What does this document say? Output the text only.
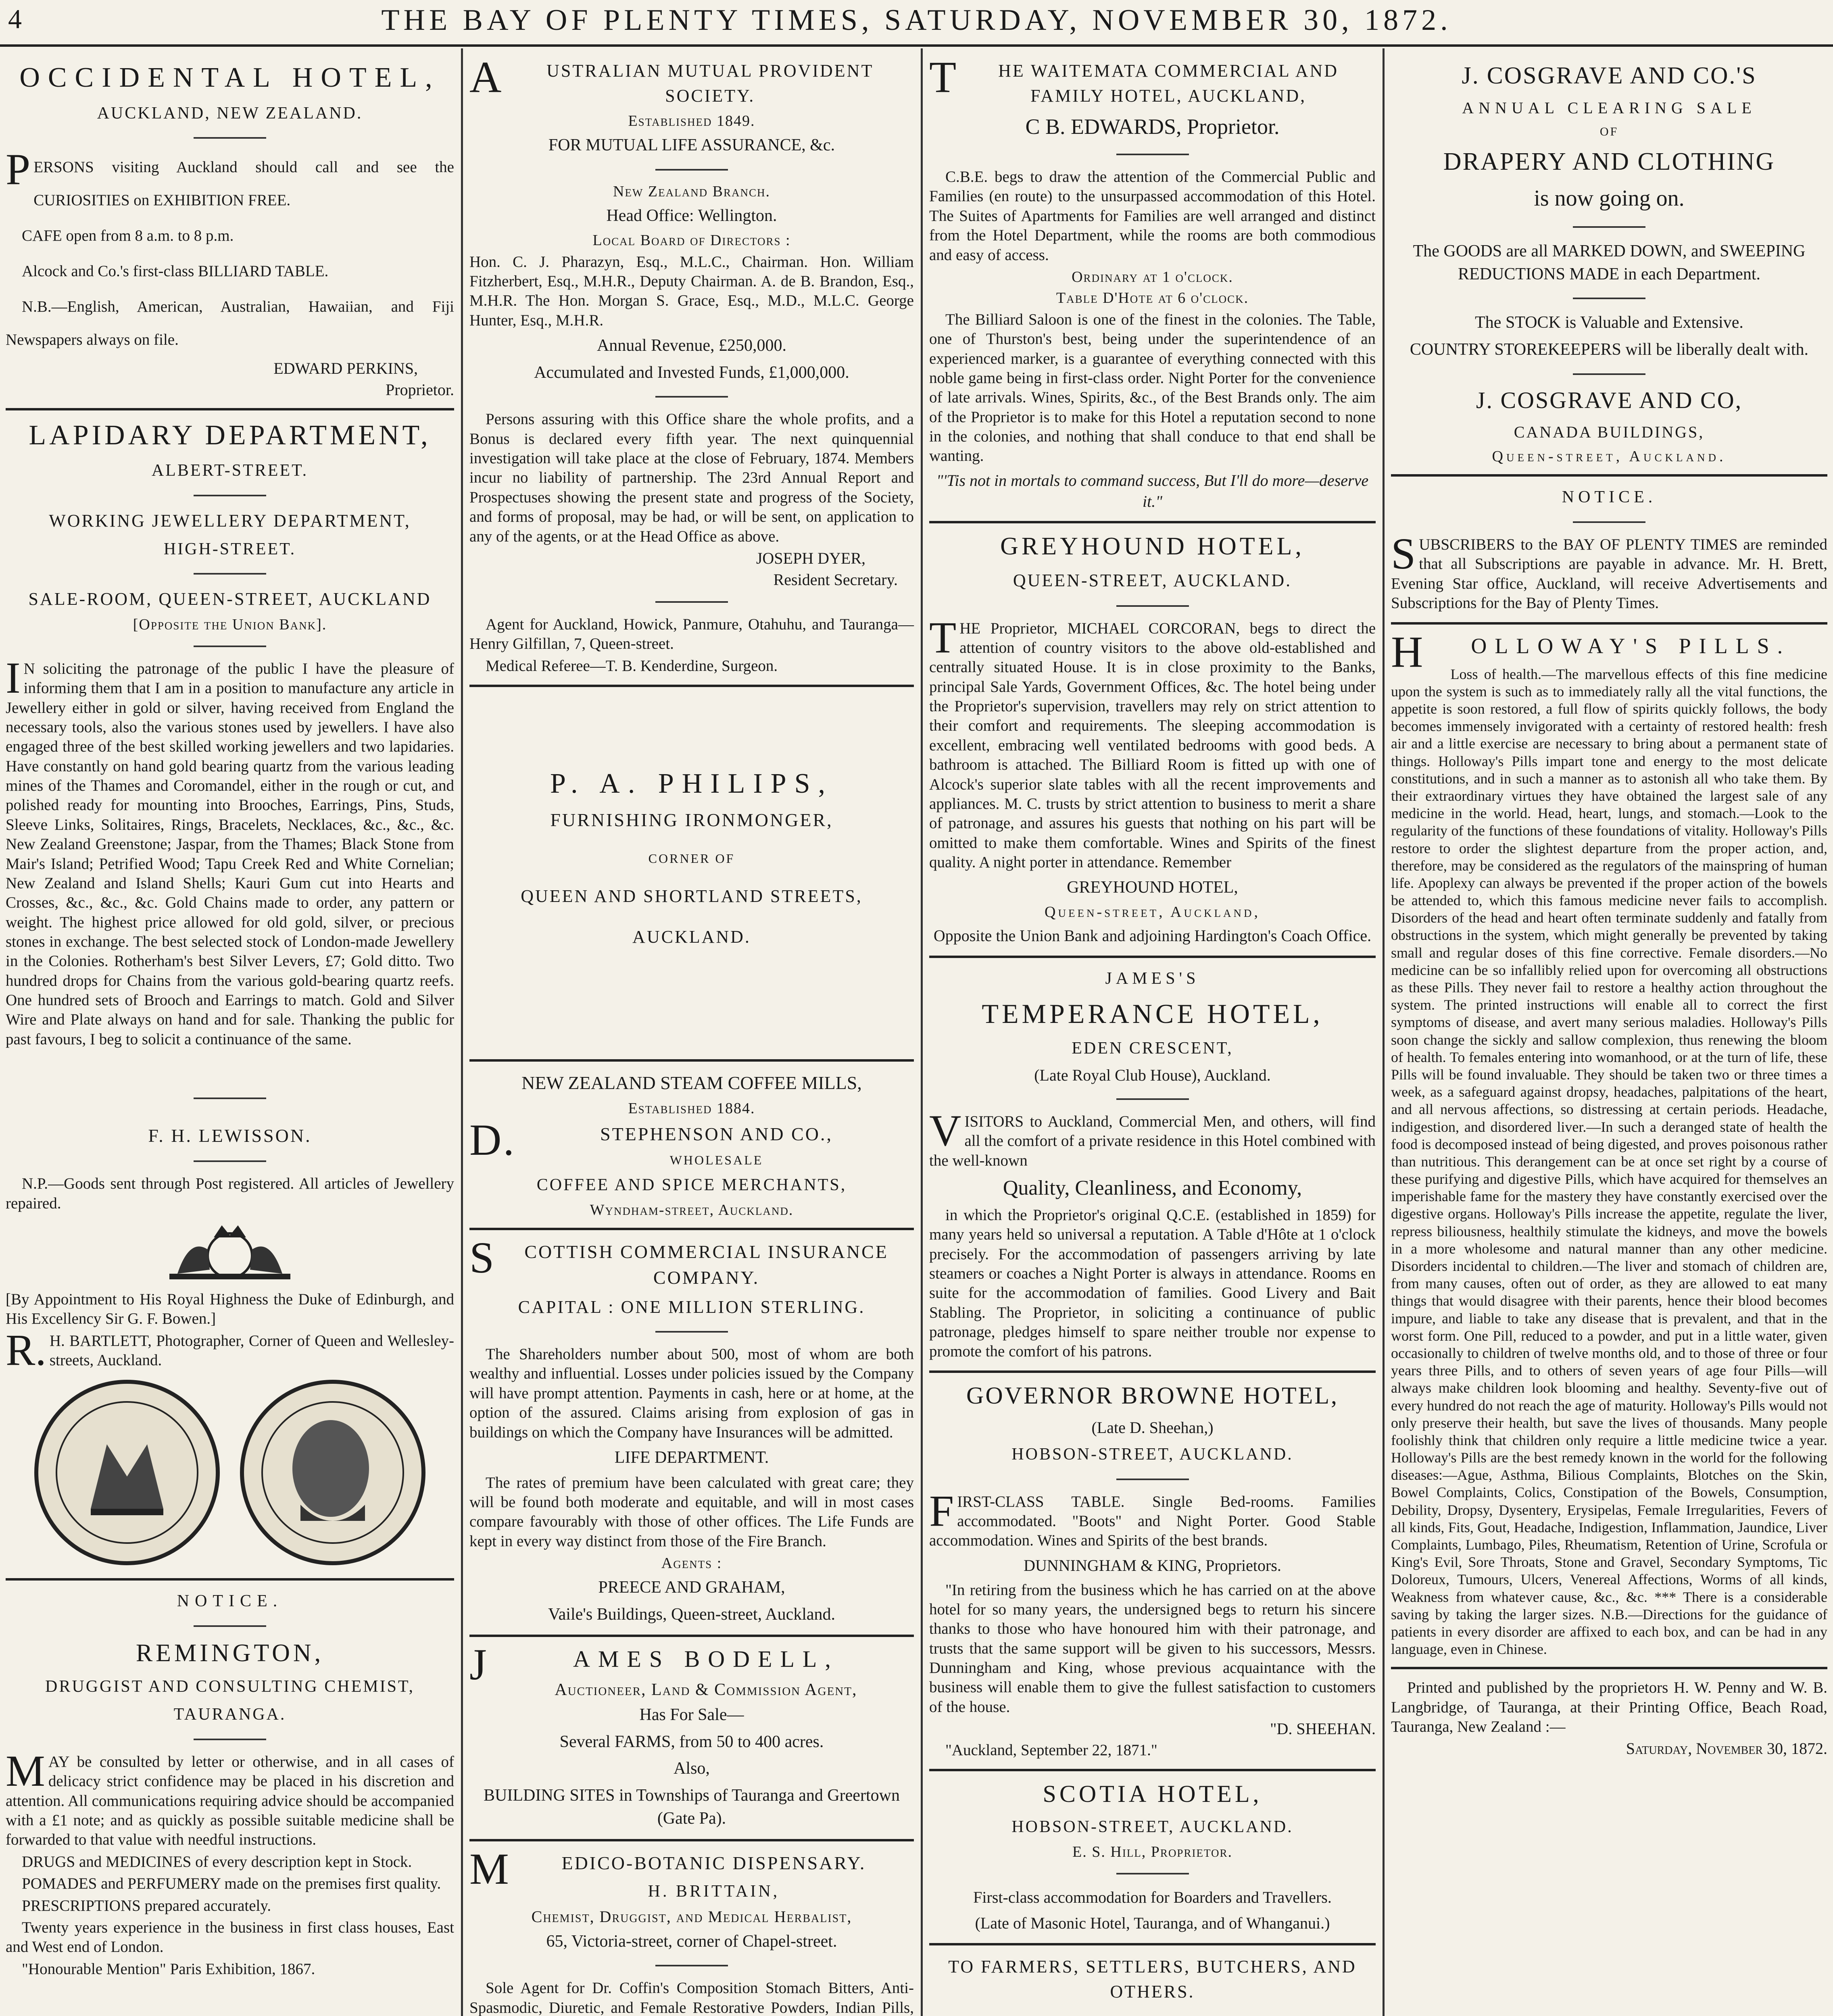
4	THE BAY OF PLENTY TIMES, SATURDAY, NOVEMBER 30, 1872.
OCCIDENTAL HOTEL,
AUCKLAND, NEW ZEALAND.

PERSONS visiting Auckland should call and see the CURIOSITIES on EXHIBITION FREE.

CAFE open from 8 a.m. to 8 p.m.

Alcock and Co.'s first-class BILLIARD TABLE.

N.B.—English, American, Australian, Hawaiian, and Fiji Newspapers always on file.

EDWARD PERKINS,
Proprietor.
LAPIDARY DEPARTMENT,
ALBERT-STREET.
WORKING JEWELLERY DEPARTMENT,
HIGH-STREET.
SALE-ROOM, QUEEN-STREET, AUCKLAND
[Opposite the Union Bank].

IN soliciting the patronage of the public I have the pleasure of informing them that I am in a position to manufacture any article in Jewellery either in gold or silver, having received from England the necessary tools, also the various stones used by jewellers. I have also engaged three of the best skilled working jewellers and two lapidaries. Have constantly on hand gold bearing quartz from the various leading mines of the Thames and Coromandel, either in the rough or cut, and polished ready for mounting into Brooches, Earrings, Pins, Studs, Sleeve Links, Solitaires, Rings, Bracelets, Necklaces, &c., &c., &c. New Zealand Greenstone; Jaspar, from the Thames; Black Stone from Mair's Island; Petrified Wood; Tapu Creek Red and White Cornelian; New Zealand and Island Shells; Kauri Gum cut into Hearts and Crosses, &c., &c., &c. Gold Chains made to order, any pattern or weight. The highest price allowed for old gold, silver, or precious stones in exchange. The best selected stock of London-made Jewellery in the Colonies. Rotherham's best Silver Levers, £7; Gold ditto. Two hundred drops for Chains from the various gold-bearing quartz reefs. One hundred sets of Brooch and Earrings to match. Gold and Silver Wire and Plate always on hand and for sale. Thanking the public for past favours, I beg to solicit a continuance of the same.

F. H. LEWISSON.

N.P.—Goods sent through Post registered. All articles of Jewellery repaired.

[By Appointment to His Royal Highness the Duke of Edinburgh, and His Excellency Sir G. F. Bowen.]

R.H. BARTLETT, Photographer, Corner of Queen and Wellesley-streets, Auckland.

NOTICE.
REMINGTON,
DRUGGIST AND CONSULTING CHEMIST,
TAURANGA.

MAY be consulted by letter or otherwise, and in all cases of delicacy strict confidence may be placed in his discretion and attention. All communications requiring advice should be accompanied with a £1 note; and as quickly as possible suitable medicine shall be forwarded to that value with needful instructions.

DRUGS and MEDICINES of every description kept in Stock.

POMADES and PERFUMERY made on the premises first quality.

PRESCRIPTIONS prepared accurately.

Twenty years experience in the business in first class houses, East and West end of London.

"Honourable Mention" Paris Exhibition, 1867.

AUSTRALIAN MUTUAL PROVIDENT SOCIETY.
Established 1849.
FOR MUTUAL LIFE ASSURANCE, &c.
New Zealand Branch.
Head Office: Wellington.
Local Board of Directors :

Hon. C. J. Pharazyn, Esq., M.L.C., Chairman. Hon. William Fitzherbert, Esq., M.H.R., Deputy Chairman. A. de B. Brandon, Esq., M.H.R. The Hon. Morgan S. Grace, Esq., M.D., M.L.C. George Hunter, Esq., M.H.R.

Annual Revenue, £250,000.
Accumulated and Invested Funds, £1,000,000.

Persons assuring with this Office share the whole profits, and a Bonus is declared every fifth year. The next quinquennial investigation will take place at the close of February, 1874. Members incur no liability of partnership. The 23rd Annual Report and Prospectuses showing the present state and progress of the Society, and forms of proposal, may be had, or will be sent, on application to any of the agents, or at the Head Office as above.

JOSEPH DYER,
Resident Secretary.

Agent for Auckland, Howick, Panmure, Otahuhu, and Tauranga—Henry Gilfillan, 7, Queen-street.

Medical Referee—T. B. Kenderdine, Surgeon.

P. A. PHILIPS,
FURNISHING IRONMONGER,
CORNER OF
QUEEN AND SHORTLAND STREETS,
AUCKLAND.
NEW ZEALAND STEAM COFFEE MILLS,
Established 1884.
D.STEPHENSON AND CO.,
WHOLESALE
COFFEE AND SPICE MERCHANTS,
Wyndham-street, Auckland.
SCOTTISH COMMERCIAL INSURANCE COMPANY.
CAPITAL : ONE MILLION STERLING.

The Shareholders number about 500, most of whom are both wealthy and influential. Losses under policies issued by the Company will have prompt attention. Payments in cash, here or at home, at the option of the assured. Claims arising from explosion of gas in buildings on which the Company have Insurances will be admitted.

LIFE DEPARTMENT.

The rates of premium have been calculated with great care; they will be found both moderate and equitable, and will in most cases compare favourably with those of other offices. The Life Funds are kept in every way distinct from those of the Fire Branch.

Agents :
PREECE AND GRAHAM,
Vaile's Buildings, Queen-street, Auckland.
JAMES BODELL,
Auctioneer, Land & Commission Agent,
Has For Sale—
Several FARMS, from 50 to 400 acres.
Also,
BUILDING SITES in Townships of Tauranga and Greertown (Gate Pa).
MEDICO-BOTANIC DISPENSARY.
H. BRITTAIN,
Chemist, Druggist, and Medical Herbalist,
65, Victoria-street, corner of Chapel-street.

Sole Agent for Dr. Coffin's Composition Stomach Bitters, Anti-Spasmodic, Diuretic, and Female Restorative Powders, Indian Pills,

THE WAITEMATA COMMERCIAL AND FAMILY HOTEL, AUCKLAND,
C B. EDWARDS, Proprietor.

C.B.E. begs to draw the attention of the Commercial Public and Families (en route) to the unsurpassed accommodation of this Hotel. The Suites of Apartments for Families are well arranged and distinct from the Hotel Department, while the rooms are both commodious and easy of access.

Ordinary at 1 o'clock.
Table D'Hote at 6 o'clock.

The Billiard Saloon is one of the finest in the colonies. The Table, one of Thurston's best, being under the superintendence of an experienced marker, is a guarantee of everything connected with this noble game being in first-class order. Night Porter for the convenience of late arrivals. Wines, Spirits, &c., of the Best Brands only. The aim of the Proprietor is to make for this Hotel a reputation second to none in the colonies, and nothing that shall conduce to that end shall be wanting.

"'Tis not in mortals to command success, But I'll do more—deserve it."
GREYHOUND HOTEL,
QUEEN-STREET, AUCKLAND.

THE Proprietor, MICHAEL CORCORAN, begs to direct the attention of country visitors to the above old-established and centrally situated House. It is in close proximity to the Banks, principal Sale Yards, Government Offices, &c. The hotel being under the Proprietor's supervision, travellers may rely on strict attention to their comfort and requirements. The sleeping accommodation is excellent, embracing well ventilated bedrooms with good beds. A bathroom is attached. The Billiard Room is fitted up with one of Alcock's superior slate tables with all the recent improvements and appliances. M. C. trusts by strict attention to business to merit a share of patronage, and assures his guests that nothing on his part will be omitted to make them comfortable. Wines and Spirits of the finest quality. A night porter in attendance. Remember

GREYHOUND HOTEL,
Queen-street, Auckland,
Opposite the Union Bank and adjoining Hardington's Coach Office.
JAMES'S
TEMPERANCE HOTEL,
EDEN CRESCENT,
(Late Royal Club House), Auckland.

VISITORS to Auckland, Commercial Men, and others, will find all the comfort of a private residence in this Hotel combined with the well-known

Quality, Cleanliness, and Economy,

in which the Proprietor's original Q.C.E. (established in 1859) for many years held so universal a reputation. A Table d'Hôte at 1 o'clock precisely. For the accommodation of passengers arriving by late steamers or coaches a Night Porter is always in attendance. Rooms en suite for the accommodation of families. Good Livery and Bait Stabling. The Proprietor, in soliciting a continuance of public patronage, pledges himself to spare neither trouble nor expense to promote the comfort of his patrons.

GOVERNOR BROWNE HOTEL,
(Late D. Sheehan,)
HOBSON-STREET, AUCKLAND.

FIRST-CLASS TABLE. Single Bed-rooms. Families accommodated. "Boots" and Night Porter. Good Stable accommodation. Wines and Spirits of the best brands.

DUNNINGHAM & KING, Proprietors.

"In retiring from the business which he has carried on at the above hotel for so many years, the undersigned begs to return his sincere thanks to those who have honoured him with their patronage, and trusts that the same support will be given to his successors, Messrs. Dunningham and King, whose previous acquaintance with the business will enable them to give the fullest satisfaction to customers of the house.

"D. SHEEHAN.

"Auckland, September 22, 1871."

SCOTIA HOTEL,
HOBSON-STREET, AUCKLAND.
E. S. Hill, Proprietor.
First-class accommodation for Boarders and Travellers.
(Late of Masonic Hotel, Tauranga, and of Whanganui.)
TO FARMERS, SETTLERS, BUTCHERS, AND OTHERS.

J. COSGRAVE AND CO.'S
ANNUAL CLEARING SALE
OF
DRAPERY AND CLOTHING
is now going on.
The GOODS are all MARKED DOWN, and SWEEPING REDUCTIONS MADE in each Department.
The STOCK is Valuable and Extensive.
COUNTRY STOREKEEPERS will be liberally dealt with.
J. COSGRAVE AND CO,
CANADA BUILDINGS,
Queen-street, Auckland.
NOTICE.

SUBSCRIBERS to the BAY OF PLENTY TIMES are reminded that all Subscriptions are payable in advance. Mr. H. Brett, Evening Star office, Auckland, will receive Advertisements and Subscriptions for the Bay of Plenty Times.

HOLLOWAY'S PILLS.

Loss of health.—The marvellous effects of this fine medicine upon the system is such as to immediately rally all the vital functions, the appetite is soon restored, a full flow of spirits quickly follows, the body becomes immensely invigorated with a certainty of restored health: fresh air and a little exercise are necessary to bring about a permanent state of things. Holloway's Pills impart tone and energy to the most delicate constitutions, and in such a manner as to astonish all who take them. By their extraordinary virtues they have obtained the largest sale of any medicine in the world. Head, heart, lungs, and stomach.—Look to the regularity of the functions of these foundations of vitality. Holloway's Pills restore to order the slightest departure from the proper action, and, therefore, may be considered as the regulators of the mainspring of human life. Apoplexy can always be prevented if the proper action of the bowels be attended to, which this famous medicine never fails to accomplish. Disorders of the head and heart often terminate suddenly and fatally from obstructions in the system, which might generally be prevented by taking small and regular doses of this fine corrective. Female disorders.—No medicine can be so infallibly relied upon for overcoming all obstructions as these Pills. They never fail to restore a healthy action throughout the system. The printed instructions will enable all to correct the first symptoms of disease, and avert many serious maladies. Holloway's Pills soon change the sickly and sallow complexion, thus renewing the bloom of health. To females entering into womanhood, or at the turn of life, these Pills will be found invaluable. They should be taken two or three times a week, as a safeguard against dropsy, headaches, palpitations of the heart, and all nervous affections, so distressing at certain periods. Headache, indigestion, and disordered liver.—In such a deranged state of health the food is decomposed instead of being digested, and proves poisonous rather than nutritious. This derangement can be at once set right by a course of these purifying and digestive Pills, which have acquired for themselves an imperishable fame for the mastery they have constantly exercised over the digestive organs. Holloway's Pills increase the appetite, regulate the liver, repress biliousness, healthily stimulate the kidneys, and move the bowels in a more wholesome and natural manner than any other medicine. Disorders incidental to children.—The liver and stomach of children are, from many causes, often out of order, as they are allowed to eat many things that would disagree with their parents, hence their blood becomes impure, and liable to take any disease that is prevalent, and that in the worst form. One Pill, reduced to a powder, and put in a little water, given occasionally to children of twelve months old, and to those of three or four years three Pills, and to others of seven years of age four Pills—will always make children look blooming and healthy. Seventy-five out of every hundred do not reach the age of maturity. Holloway's Pills would not only preserve their health, but save the lives of thousands. Many people foolishly think that children only require a little medicine twice a year. Holloway's Pills are the best remedy known in the world for the following diseases:—Ague, Asthma, Bilious Complaints, Blotches on the Skin, Bowel Complaints, Colics, Constipation of the Bowels, Consumption, Debility, Dropsy, Dysentery, Erysipelas, Female Irregularities, Fevers of all kinds, Fits, Gout, Headache, Indigestion, Inflammation, Jaundice, Liver Complaints, Lumbago, Piles, Rheumatism, Retention of Urine, Scrofula or King's Evil, Sore Throats, Stone and Gravel, Secondary Symptoms, Tic Doloreux, Tumours, Ulcers, Venereal Affections, Worms of all kinds, Weakness from whatever cause, &c., &c. *** There is a considerable saving by taking the larger sizes. N.B.—Directions for the guidance of patients in every disorder are affixed to each box, and can be had in any language, even in Chinese.

Printed and published by the proprietors H. W. Penny and W. B. Langbridge, of Tauranga, at their Printing Office, Beach Road, Tauranga, New Zealand :—

Saturday, November 30, 1872.
